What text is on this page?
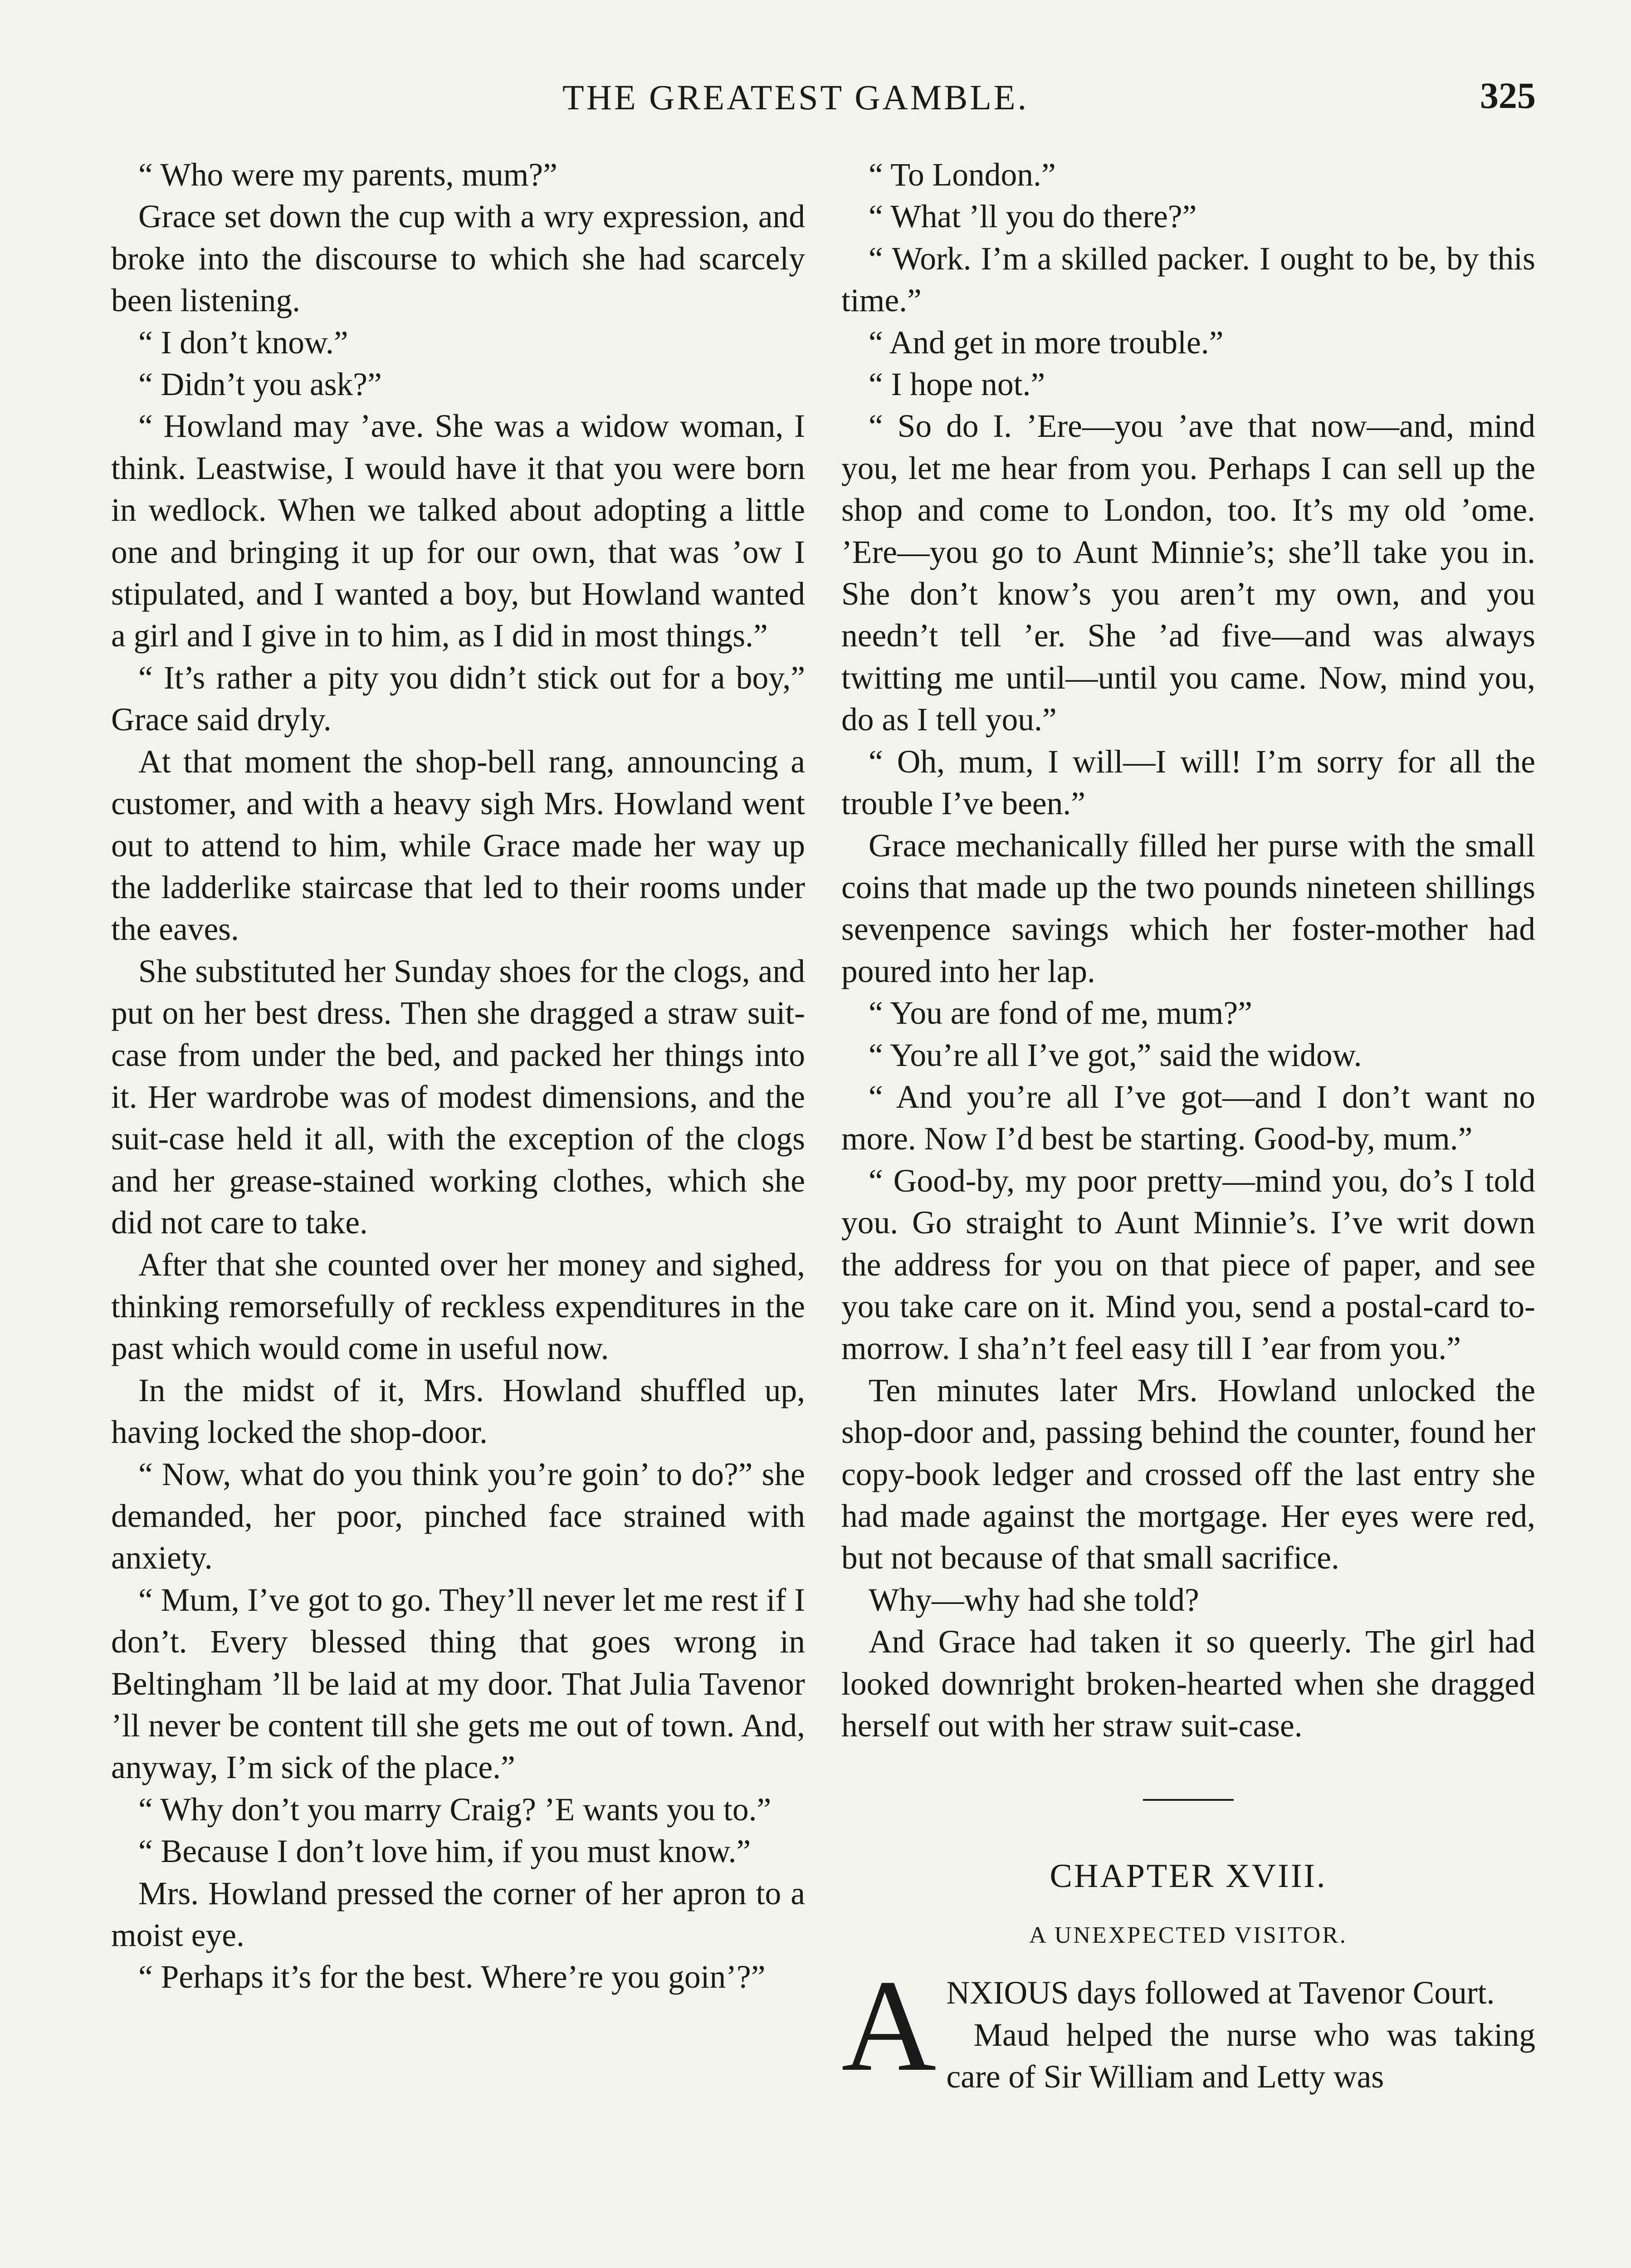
THE GREATEST GAMBLE.	325

“ Who were my parents, mum?”

Grace set down the cup with a wry expression, and broke into the discourse to which she had scarcely been listening.

“ I don’t know.”

“ Didn’t you ask?”

“ Howland may ’ave. She was a widow woman, I think. Leastwise, I would have it that you were born in wedlock. When we talked about adopting a little one and bringing it up for our own, that was ’ow I stipulated, and I wanted a boy, but Howland wanted a girl and I give in to him, as I did in most things.”

“ It’s rather a pity you didn’t stick out for a boy,” Grace said dryly.

At that moment the shop-bell rang, announcing a customer, and with a heavy sigh Mrs. Howland went out to attend to him, while Grace made her way up the ladderlike staircase that led to their rooms under the eaves.

She substituted her Sunday shoes for the clogs, and put on her best dress. Then she dragged a straw suit-case from under the bed, and packed her things into it. Her wardrobe was of modest dimensions, and the suit-case held it all, with the exception of the clogs and her grease-stained working clothes, which she did not care to take.

After that she counted over her money and sighed, thinking remorsefully of reckless expenditures in the past which would come in useful now.

In the midst of it, Mrs. Howland shuffled up, having locked the shop-door.

“ Now, what do you think you’re goin’ to do?” she demanded, her poor, pinched face strained with anxiety.

“ Mum, I’ve got to go. They’ll never let me rest if I don’t. Every blessed thing that goes wrong in Beltingham ’ll be laid at my door. That Julia Tavenor ’ll never be content till she gets me out of town. And, anyway, I’m sick of the place.”

“ Why don’t you marry Craig? ’E wants you to.”

“ Because I don’t love him, if you must know.”

Mrs. Howland pressed the corner of her apron to a moist eye.

“ Perhaps it’s for the best. Where’re you goin’?”

“ To London.”

“ What ’ll you do there?”

“ Work. I’m a skilled packer. I ought to be, by this time.”

“ And get in more trouble.”

“ I hope not.”

“ So do I. ’Ere—you ’ave that now—and, mind you, let me hear from you. Perhaps I can sell up the shop and come to London, too. It’s my old ’ome. ’Ere—you go to Aunt Minnie’s; she’ll take you in. She don’t know’s you aren’t my own, and you needn’t tell ’er. She ’ad five—and was always twitting me until—until you came. Now, mind you, do as I tell you.”

“ Oh, mum, I will—I will! I’m sorry for all the trouble I’ve been.”

Grace mechanically filled her purse with the small coins that made up the two pounds nineteen shillings sevenpence savings which her foster-mother had poured into her lap.

“ You are fond of me, mum?”

“ You’re all I’ve got,” said the widow.

“ And you’re all I’ve got—and I don’t want no more. Now I’d best be starting. Good-by, mum.”

“ Good-by, my poor pretty—mind you, do’s I told you. Go straight to Aunt Minnie’s. I’ve writ down the address for you on that piece of paper, and see you take care on it. Mind you, send a postal-card to-morrow. I sha’n’t feel easy till I ’ear from you.”

Ten minutes later Mrs. Howland unlocked the shop-door and, passing behind the counter, found her copy-book ledger and crossed off the last entry she had made against the mortgage. Her eyes were red, but not because of that small sacrifice.

Why—why had she told?

And Grace had taken it so queerly. The girl had looked downright broken-hearted when she dragged herself out with her straw suit-case.

CHAPTER XVIII.
A UNEXPECTED VISITOR.

A NXIOUS days followed at Tavenor Court.

Maud helped the nurse who was taking care of Sir William and Letty was
